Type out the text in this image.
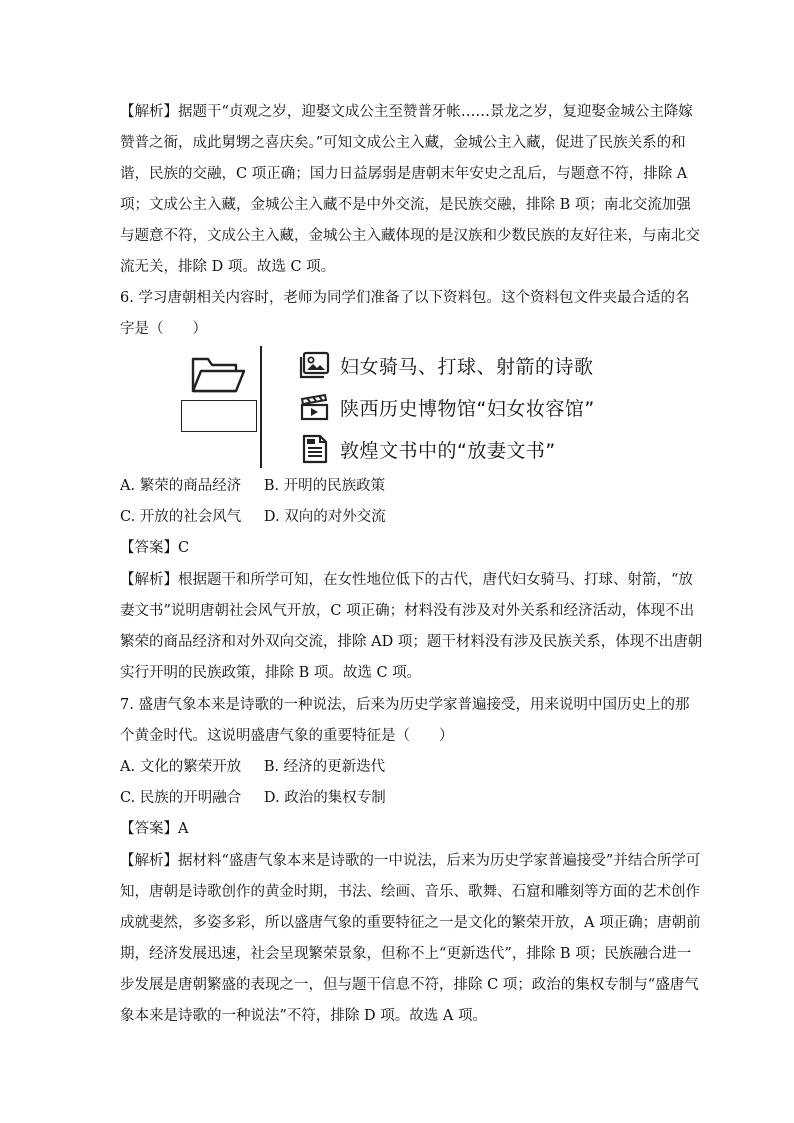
【解析】据题干“贞观之岁，迎娶文成公主至赞普牙帐……景龙之岁，复迎娶金城公主降嫁
赞普之衙，成此舅甥之喜庆矣。”可知文成公主入藏，金城公主入藏，促进了民族关系的和
谐，民族的交融，C 项正确；国力日益孱弱是唐朝末年安史之乱后，与题意不符，排除 A
项；文成公主入藏，金城公主入藏不是中外交流，是民族交融，排除 B 项；南北交流加强
与题意不符，文成公主入藏，金城公主入藏体现的是汉族和少数民族的友好往来，与南北交
流无关，排除 D 项。故选 C 项。
6. 学习唐朝相关内容时，老师为同学们准备了以下资料包。这个资料包文件夹最合适的名
字是（　　）
妇女骑马、打球、射箭的诗歌
陕西历史博物馆“妇女妆容馆”
敦煌文书中的“放妻文书”
A. 繁荣的商品经济 B. 开明的民族政策
C. 开放的社会风气 D. 双向的对外交流
【答案】C
【解析】根据题干和所学可知，在女性地位低下的古代，唐代妇女骑马、打球、射箭，“放
妻文书”说明唐朝社会风气开放，C 项正确；材料没有涉及对外关系和经济活动，体现不出
繁荣的商品经济和对外双向交流，排除 AD 项；题干材料没有涉及民族关系，体现不出唐朝
实行开明的民族政策，排除 B 项。故选 C 项。
7. 盛唐气象本来是诗歌的一种说法，后来为历史学家普遍接受，用来说明中国历史上的那
个黄金时代。这说明盛唐气象的重要特征是（　　）
A. 文化的繁荣开放 B. 经济的更新迭代
C. 民族的开明融合 D. 政治的集权专制
【答案】A
【解析】据材料“盛唐气象本来是诗歌的一中说法，后来为历史学家普遍接受”并结合所学可
知，唐朝是诗歌创作的黄金时期，书法、绘画、音乐、歌舞、石窟和雕刻等方面的艺术创作
成就斐然，多姿多彩，所以盛唐气象的重要特征之一是文化的繁荣开放，A 项正确；唐朝前
期，经济发展迅速，社会呈现繁荣景象，但称不上“更新迭代”，排除 B 项；民族融合进一
步发展是唐朝繁盛的表现之一，但与题干信息不符，排除 C 项；政治的集权专制与“盛唐气
象本来是诗歌的一种说法”不符，排除 D 项。故选 A 项。
